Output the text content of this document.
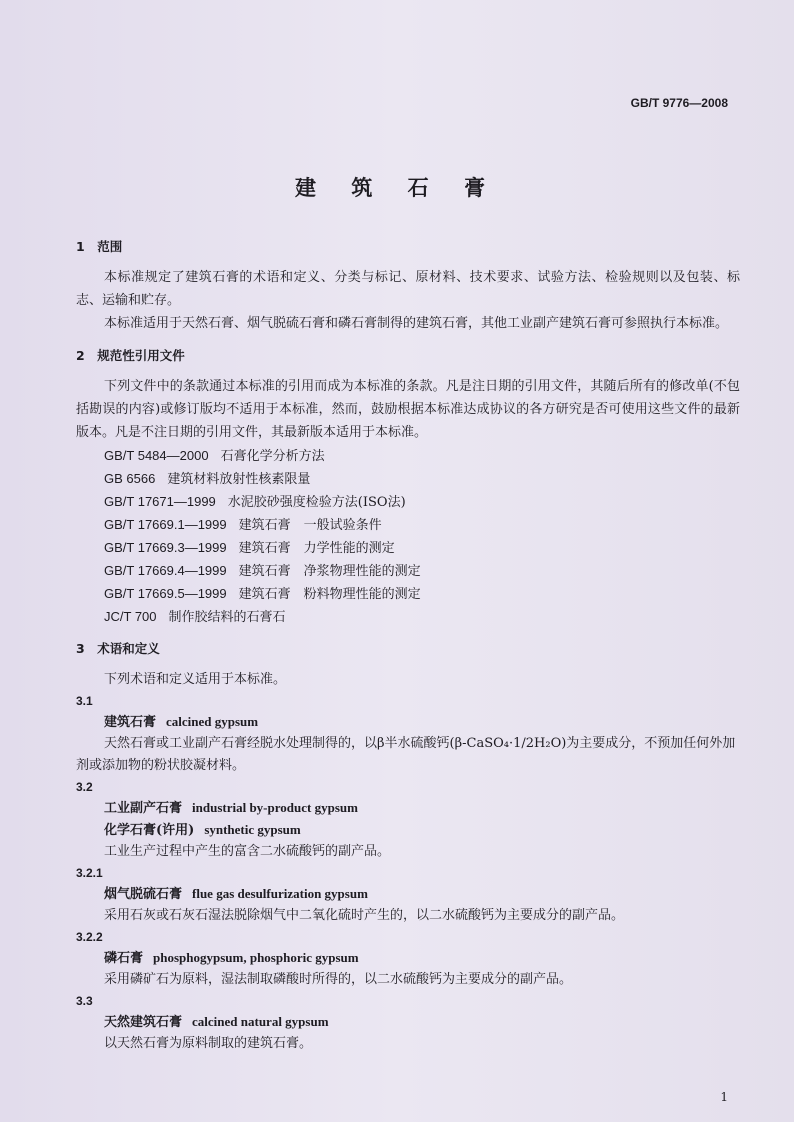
GB/T 9776—2008
建 筑 石 膏
1　范围
本标准规定了建筑石膏的术语和定义、分类与标记、原材料、技术要求、试验方法、检验规则以及包装、标志、运输和贮存。
本标准适用于天然石膏、烟气脱硫石膏和磷石膏制得的建筑石膏，其他工业副产建筑石膏可参照执行本标准。
2　规范性引用文件
下列文件中的条款通过本标准的引用而成为本标准的条款。凡是注日期的引用文件，其随后所有的修改单(不包括勘误的内容)或修订版均不适用于本标准，然而，鼓励根据本标准达成协议的各方研究是否可使用这些文件的最新版本。凡是不注日期的引用文件，其最新版本适用于本标准。
GB/T 5484—2000 石膏化学分析方法
GB 6566 建筑材料放射性核素限量
GB/T 17671—1999 水泥胶砂强度检验方法(ISO法)
GB/T 17669.1—1999 建筑石膏　一般试验条件
GB/T 17669.3—1999 建筑石膏　力学性能的测定
GB/T 17669.4—1999 建筑石膏　净浆物理性能的测定
GB/T 17669.5—1999 建筑石膏　粉料物理性能的测定
JC/T 700 制作胶结料的石膏石
3　术语和定义
下列术语和定义适用于本标准。
3.1
建筑石膏 calcined gypsum
天然石膏或工业副产石膏经脱水处理制得的，以β半水硫酸钙(β-CaSO₄·1/2H₂O)为主要成分，不预加任何外加剂或添加物的粉状胶凝材料。
3.2
工业副产石膏 industrial by-product gypsum
化学石膏(许用) synthetic gypsum
工业生产过程中产生的富含二水硫酸钙的副产品。
3.2.1
烟气脱硫石膏 flue gas desulfurization gypsum
采用石灰或石灰石湿法脱除烟气中二氧化硫时产生的，以二水硫酸钙为主要成分的副产品。
3.2.2
磷石膏 phosphogypsum, phosphoric gypsum
采用磷矿石为原料，湿法制取磷酸时所得的，以二水硫酸钙为主要成分的副产品。
3.3
天然建筑石膏 calcined natural gypsum
以天然石膏为原料制取的建筑石膏。
1
